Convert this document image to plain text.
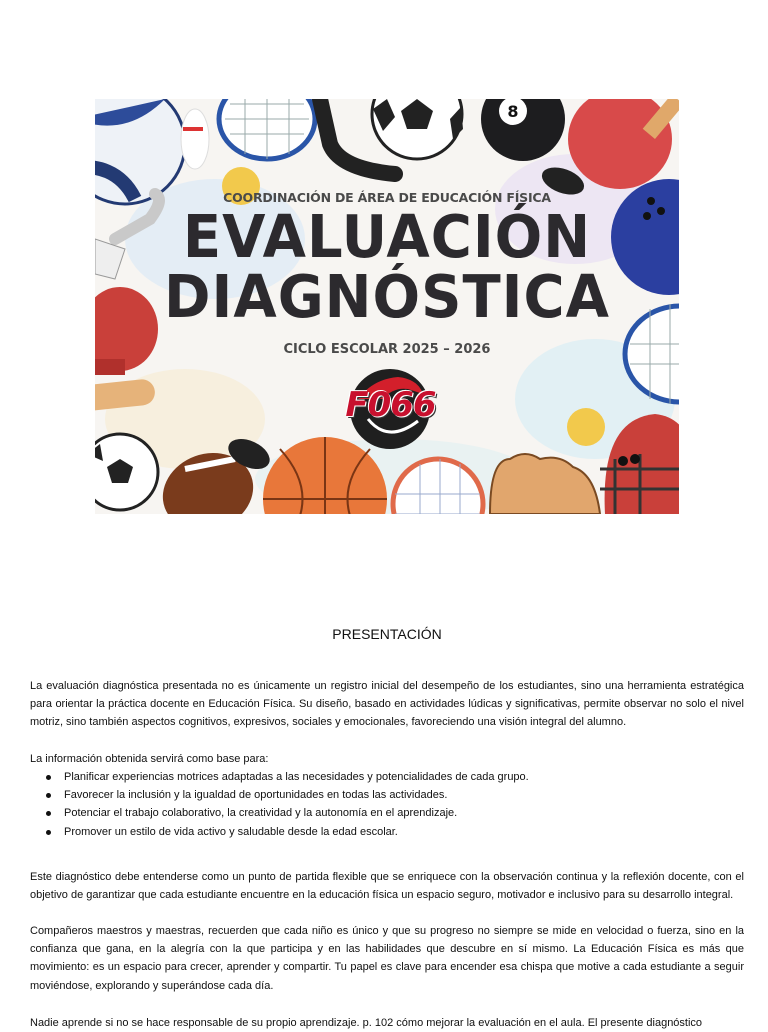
8
COORDINACIÓN DE ÁREA DE EDUCACIÓN FÍSICA
EVALUACIÓN
DIAGNÓSTICA
CICLO ESCOLAR 2025 – 2026
F066
PRESENTACIÓN

La evaluación diagnóstica presentada no es únicamente un registro inicial del desempeño de los estudiantes, sino una herramienta estratégica para orientar la práctica docente en Educación Física. Su diseño, basado en actividades lúdicas y significativas, permite observar no solo el nivel motriz, sino también aspectos cognitivos, expresivos, sociales y emocionales, favoreciendo una visión integral del alumno.

La información obtenida servirá como base para:

Planificar experiencias motrices adaptadas a las necesidades y potencialidades de cada grupo.
Favorecer la inclusión y la igualdad de oportunidades en todas las actividades.
Potenciar el trabajo colaborativo, la creatividad y la autonomía en el aprendizaje.
Promover un estilo de vida activo y saludable desde la edad escolar.

Este diagnóstico debe entenderse como un punto de partida flexible que se enriquece con la observación continua y la reflexión docente, con el objetivo de garantizar que cada estudiante encuentre en la educación física un espacio seguro, motivador e inclusivo para su desarrollo integral.

Compañeros maestros y maestras, recuerden que cada niño es único y que su progreso no siempre se mide en velocidad o fuerza, sino en la confianza que gana, en la alegría con la que participa y en las habilidades que descubre en sí mismo. La Educación Física es más que movimiento: es un espacio para crecer, aprender y compartir. Tu papel es clave para encender esa chispa que motive a cada estudiante a seguir moviéndose, explorando y superándose cada día.

Nadie aprende si no se hace responsable de su propio aprendizaje. p. 102 cómo mejorar la evaluación en el aula. El presente diagnóstico
